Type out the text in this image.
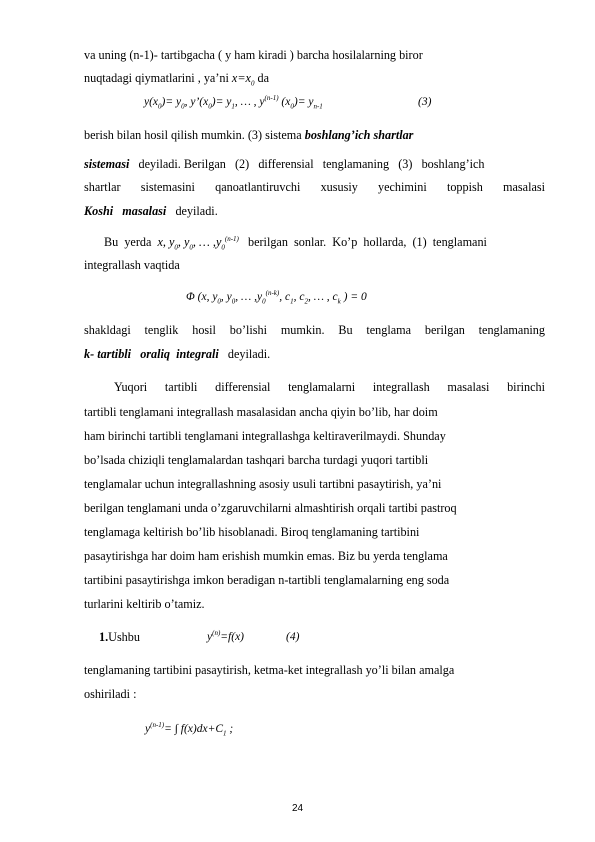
va uning (n-1)- tartibgacha ( y ham kiradi ) barcha hosilalarning biror
nuqtadagi qiymatlarini , ya’ni $x=x_0$ da
$y(x_0)= y_0$, $y’(x_0)= y_1$, … , $y^{(n-1)}$ $(x_0)= y_{n-1}$	(3)
berish bilan hosil qilish mumkin. (3) sistema boshlang’ich shartlar
sistemasi   deyiladi. Berilgan   (2)   differensial   tenglamaning   (3)   boshlang’ich
shartlar sistemasini qanoatlantiruvchi xususiy yechimini toppish masalasi
Koshi   masalasi   deyiladi.
Bu  yerda  x, $y_0$, $y_0$, … $,y_0^{(n-1)}$   berilgan  sonlar.  Ko’p  hollarda,  (1)  tenglamani
integrallash vaqtida
Φ (x, $y_0$, $y_0$, … $,y_0^{(n-k)}$, $c_1$, $c_2$, … , $c_k$ ) = 0
shakldagi tenglik hosil bo’lishi mumkin. Bu tenglama berilgan tenglamaning
k- tartibli   oraliq  integrali   deyiladi.
Yuqori tartibli differensial tenglamalarni integrallash masalasi birinchi
tartibli tenglamani integrallash masalasidan ancha qiyin bo’lib, har doim
ham birinchi tartibli tenglamani integrallashga keltiraverilmaydi. Shunday
bo’lsada chiziqli tenglamalardan tashqari barcha turdagi yuqori tartibli
tenglamalar uchun integrallashning asosiy usuli tartibni pasaytirish, ya’ni
berilgan tenglamani unda o’zgaruvchilarni almashtirish orqali tartibi pastroq
tenglamaga keltirish bo’lib hisoblanadi. Biroq tenglamaning tartibini
pasaytirishga har doim ham erishish mumkin emas. Biz bu yerda tenglama
tartibini pasaytirishga imkon beradigan n-tartibli tenglamalarning eng soda
turlarini keltirib o’tamiz.
1.Ushbu	$y^{(n)}=f(x)$	(4)
tenglamaning tartibini pasaytirish, ketma-ket integrallash yo’li bilan amalga
oshiriladi :
$y^{(n-1)}=$ ∫ $f(x)dx+C_1$ ;
24
